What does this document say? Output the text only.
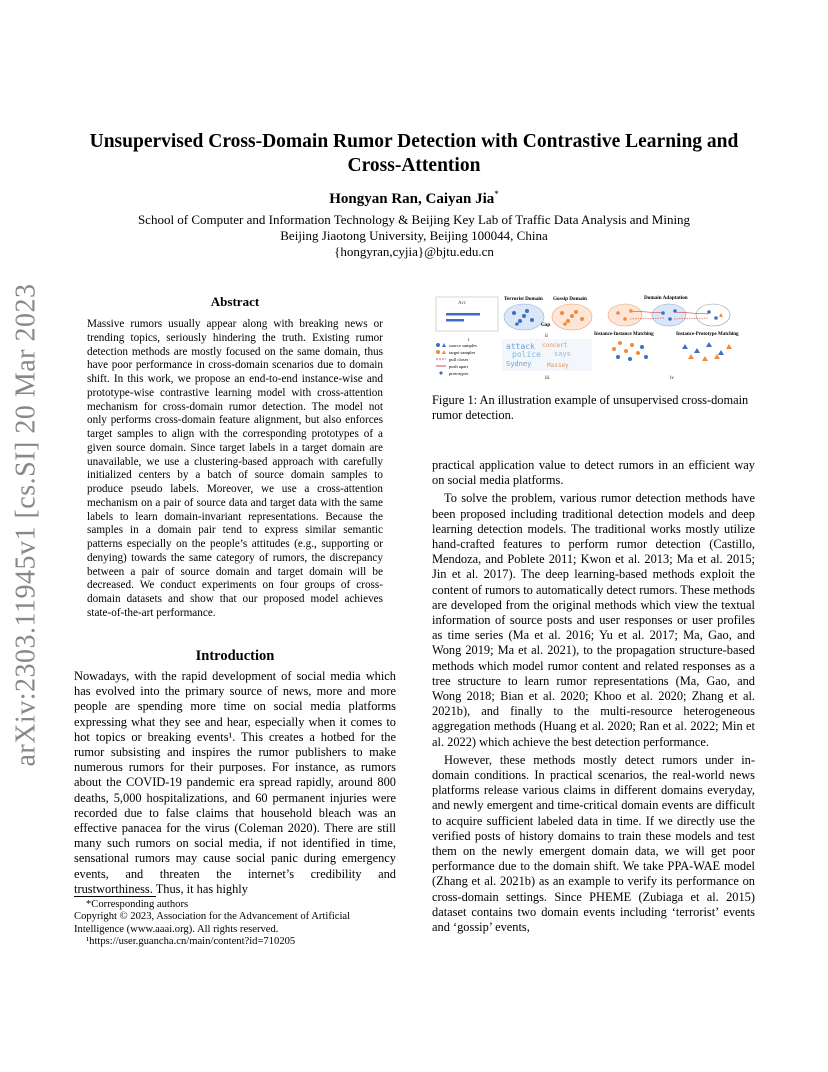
arXiv:2303.11945v1 [cs.SI] 20 Mar 2023
Unsupervised Cross-Domain Rumor Detection with Contrastive Learning and
Cross-Attention
Hongyan Ran, Caiyan Jia*
School of Computer and Information Technology & Beijing Key Lab of Traffic Data Analysis and Mining
Beijing Jiaotong University, Beijing 100044, China
{hongyran,cyjia}@bjtu.edu.cn
Abstract
Massive rumors usually appear along with breaking news or trending topics, seriously hindering the truth. Existing rumor detection methods are mostly focused on the same domain, thus have poor performance in cross-domain scenarios due to domain shift. In this work, we propose an end-to-end instance-wise and prototype-wise contrastive learning model with cross-attention mechanism for cross-domain rumor detection. The model not only performs cross-domain feature alignment, but also enforces target samples to align with the corresponding prototypes of a given source domain. Since target labels in a target domain are unavailable, we use a clustering-based approach with carefully initialized centers by a batch of source domain samples to produce pseudo labels. Moreover, we use a cross-attention mechanism on a pair of source data and target data with the same labels to learn domain-invariant representations. Because the samples in a domain pair tend to express similar semantic patterns especially on the people’s attitudes (e.g., supporting or denying) towards the same category of rumors, the discrepancy between a pair of source domain and target domain will be decreased. We conduct experiments on four groups of cross-domain datasets and show that our proposed model achieves state-of-the-art performance.
Introduction

Nowadays, with the rapid development of social media which has evolved into the primary source of news, more and more people are spending more time on social media platforms expressing what they see and hear, especially when it comes to hot topics or breaking events¹. This creates a hotbed for the rumor subsisting and inspires the rumor publishers to make numerous rumors for their purposes. For instance, as rumors about the COVID-19 pandemic era spread rapidly, around 800 deaths, 5,000 hospitalizations, and 60 permanent injuries were recorded due to false claims that household bleach was an effective panacea for the virus (Coleman 2020). There are still many such rumors on social media, if not identified in time, sensational rumors may cause social panic during emergency events, and threaten the internet’s credibility and trustworthiness. Thus, it has highly

*Corresponding authors

Copyright © 2023, Association for the Advancement of Artificial Intelligence (www.aaai.org). All rights reserved.

¹https://user.guancha.cn/main/content?id=710205

Acc
i
source samples
target samples
pull closer
push apart
prototypes
Terrorist Domain Gossip Domain
Gap
ii
attack concert
police says
Sydney	Massey
iii
Domain Adaptation
Instance-Instance Matching	Instance-Prototype Matching
iv
Figure 1: An illustration example of unsupervised cross-domain rumor detection.

practical application value to detect rumors in an efficient way on social media platforms.

To solve the problem, various rumor detection methods have been proposed including traditional detection models and deep learning detection models. The traditional works mostly utilize hand-crafted features to perform rumor detection (Castillo, Mendoza, and Poblete 2011; Kwon et al. 2013; Ma et al. 2015; Jin et al. 2017). The deep learning-based methods exploit the content of rumors to automatically detect rumors. These methods are developed from the original methods which view the textual information of source posts and user responses or user profiles as time series (Ma et al. 2016; Yu et al. 2017; Ma, Gao, and Wong 2019; Ma et al. 2021), to the propagation structure-based methods which model rumor content and related responses as a tree structure to learn rumor representations (Ma, Gao, and Wong 2018; Bian et al. 2020; Khoo et al. 2020; Zhang et al. 2021b), and finally to the multi-resource heterogeneous aggregation methods (Huang et al. 2020; Ran et al. 2022; Min et al. 2022) which achieve the best detection performance.

However, these methods mostly detect rumors under in-domain conditions. In practical scenarios, the real-world news platforms release various claims in different domains everyday, and newly emergent and time-critical domain events are difficult to acquire sufficient labeled data in time. If we directly use the verified posts of history domains to train these models and test them on the newly emergent domain data, we will get poor performance due to the domain shift. We take PPA-WAE model (Zhang et al. 2021b) as an example to verify its performance on cross-domain settings. Since PHEME (Zubiaga et al. 2015) dataset contains two domain events including ‘terrorist’ events and ‘gossip’ events,
